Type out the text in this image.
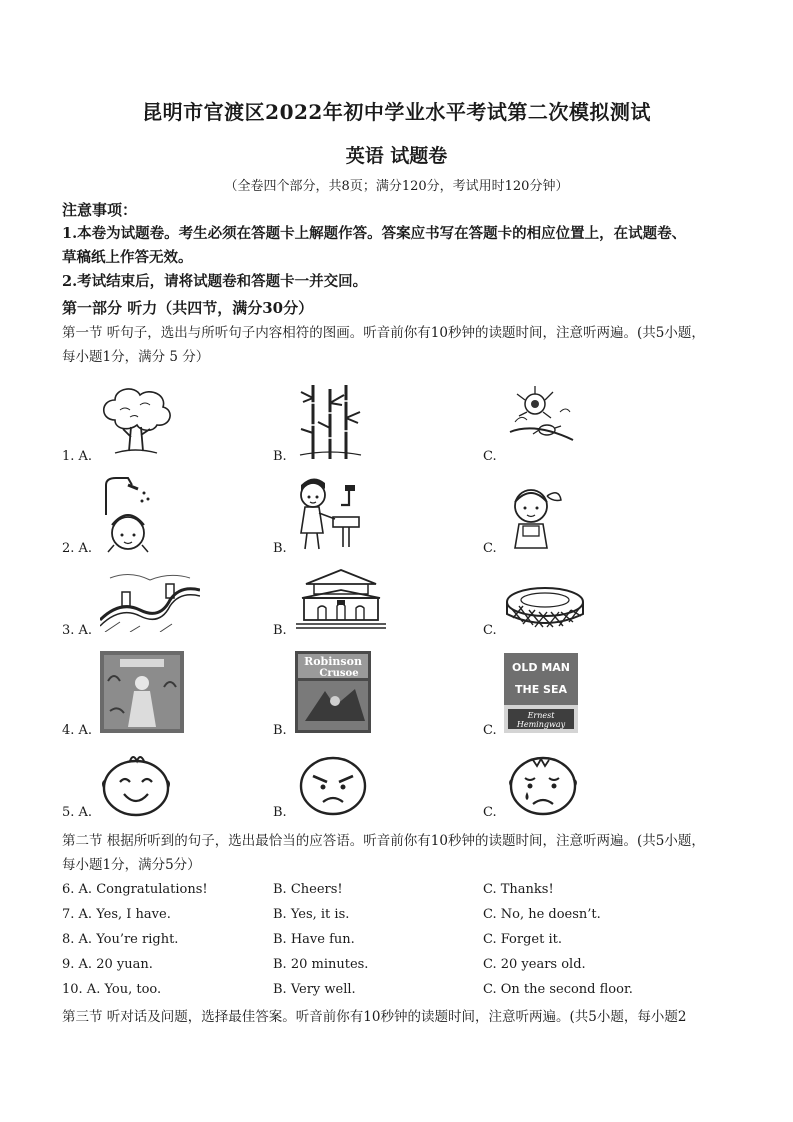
昆明市官渡区2022年初中学业水平考试第二次模拟测试
英语 试题卷
（全卷四个部分，共8页；满分120分，考试用时120分钟）
注意事项：
1.本卷为试题卷。考生必须在答题卡上解题作答。答案应书写在答题卡的相应位置上，在试题卷、
草稿纸上作答无效。
2.考试结束后，请将试题卷和答题卡一并交回。
第一部分 听力（共四节，满分30分）
第一节 听句子，选出与所听句子内容相符的图画。听音前你有10秒钟的读题时间，注意听两遍。(共5小题，
每小题1分，满分 5 分）
1. A.	B.	C.
2. A.	B.	C.
3. A.	B.	C.
4. A.	B.	C.
Robinson
Crusoe	OLD MAN
THE SEA
Ernest
Hemingway
5. A.	B.	C.
第二节 根据所听到的句子，选出最恰当的应答语。听音前你有10秒钟的读题时间，注意听两遍。(共5小题，
每小题1分，满分5分）
6. A. Congratulations!	B. Cheers!	C. Thanks!
7. A. Yes, I have.	B. Yes, it is.	C. No, he doesn’t.
8. A. You’re right.	B. Have fun.	C. Forget it.
9. A. 20 yuan.	B. 20 minutes.	C. 20 years old.
10. A. You, too.	B. Very well.	C. On the second floor.
第三节 听对话及问题，选择最佳答案。听音前你有10秒钟的读题时间，注意听两遍。(共5小题，每小题2
